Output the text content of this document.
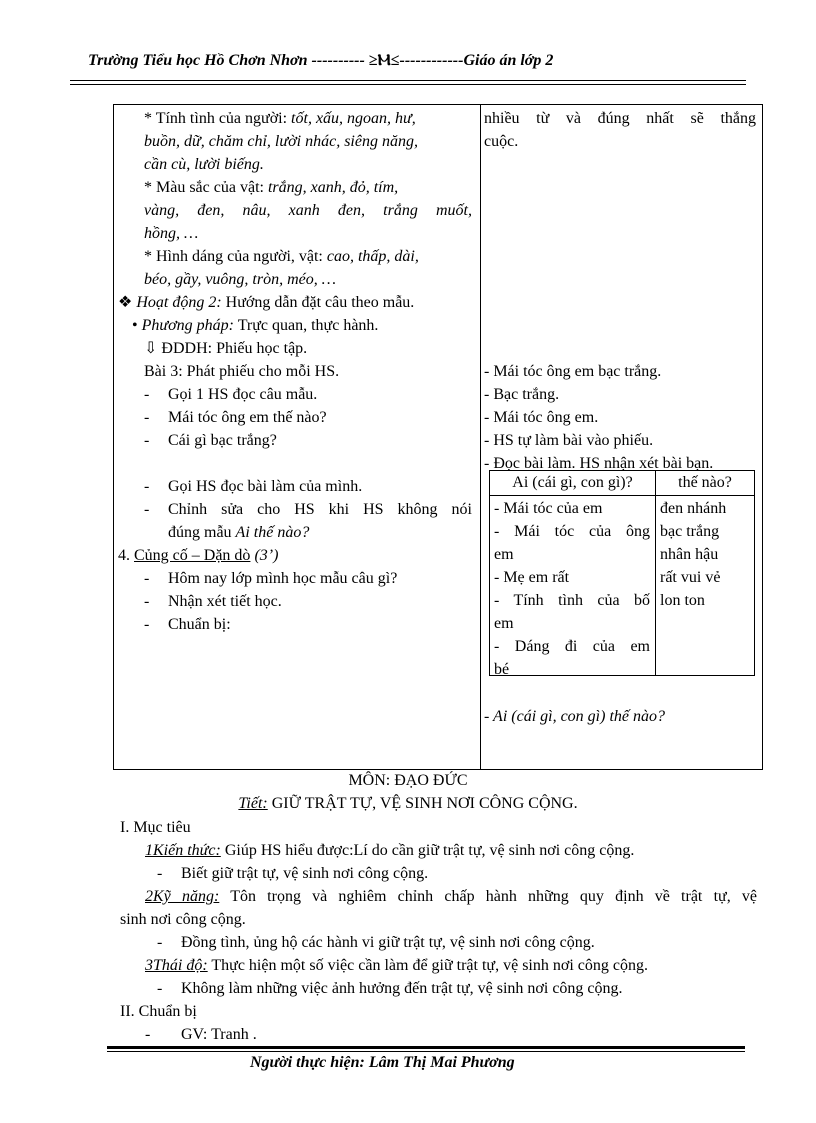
Trường Tiểu học Hồ Chơn Nhơn ---------- ≥Ⲙ≤------------Giáo án lớp 2
* Tính tình của người: tốt, xấu, ngoan, hư,
buồn, dữ, chăm chỉ, lười nhác, siêng năng,
cần cù, lười biếng.
* Màu sắc của vật: trắng, xanh, đỏ, tím,
vàng, đen, nâu, xanh đen, trắng muốt,
hồng, …
* Hình dáng của người, vật: cao, thấp, dài,
béo, gầy, vuông, tròn, méo, …
❖ Hoạt động 2: Hướng dẫn đặt câu theo mẫu.
• Phương pháp: Trực quan, thực hành.
⇩ ĐDDH: Phiếu học tập.
Bài 3: Phát phiếu cho mỗi HS.
- Gọi 1 HS đọc câu mẫu.
- Mái tóc ông em thế nào?
- Cái gì bạc trắng?
- Gọi HS đọc bài làm của mình.
- Chỉnh sửa cho HS khi HS không nói
đúng mẫu Ai thế nào?
4. Củng cố – Dặn dò (3’)
- Hôm nay lớp mình học mẫu câu gì?
- Nhận xét tiết học.
- Chuẩn bị:
nhiều từ và đúng nhất sẽ thắng
cuộc.
- Mái tóc ông em bạc trắng.
- Bạc trắng.
- Mái tóc ông em.
- HS tự làm bài vào phiếu.
- Đọc bài làm. HS nhận xét bài bạn.
- Ai (cái gì, con gì) thế nào?
Ai (cái gì, con gì)?	thế nào?
- Mái tóc của em
- Mái tóc của ông
em
- Mẹ em rất
- Tính tình của bố
em
- Dáng đi của em
bé
đen nhánh
bạc trắng
nhân hậu
rất vui vẻ
lon ton
MÔN: ĐẠO ĐỨC
Tiết: GIỮ TRẬT TỰ, VỆ SINH NƠI CÔNG CỘNG.
I. Mục tiêu
1Kiến thức: Giúp HS hiểu được:Lí do cần giữ trật tự, vệ sinh nơi công cộng.
- Biết giữ trật tự, vệ sinh nơi công cộng.
2Kỹ năng: Tôn trọng và nghiêm chỉnh chấp hành những quy định về trật tự, vệ
sinh nơi công cộng.
- Đồng tình, ủng hộ các hành vi giữ trật tự, vệ sinh nơi công cộng.
3Thái độ: Thực hiện một số việc cần làm để giữ trật tự, vệ sinh nơi công cộng.
- Không làm những việc ảnh hưởng đến trật tự, vệ sinh nơi công cộng.
II. Chuẩn bị
- GV: Tranh .
Người thực hiện: Lâm Thị Mai Phương
